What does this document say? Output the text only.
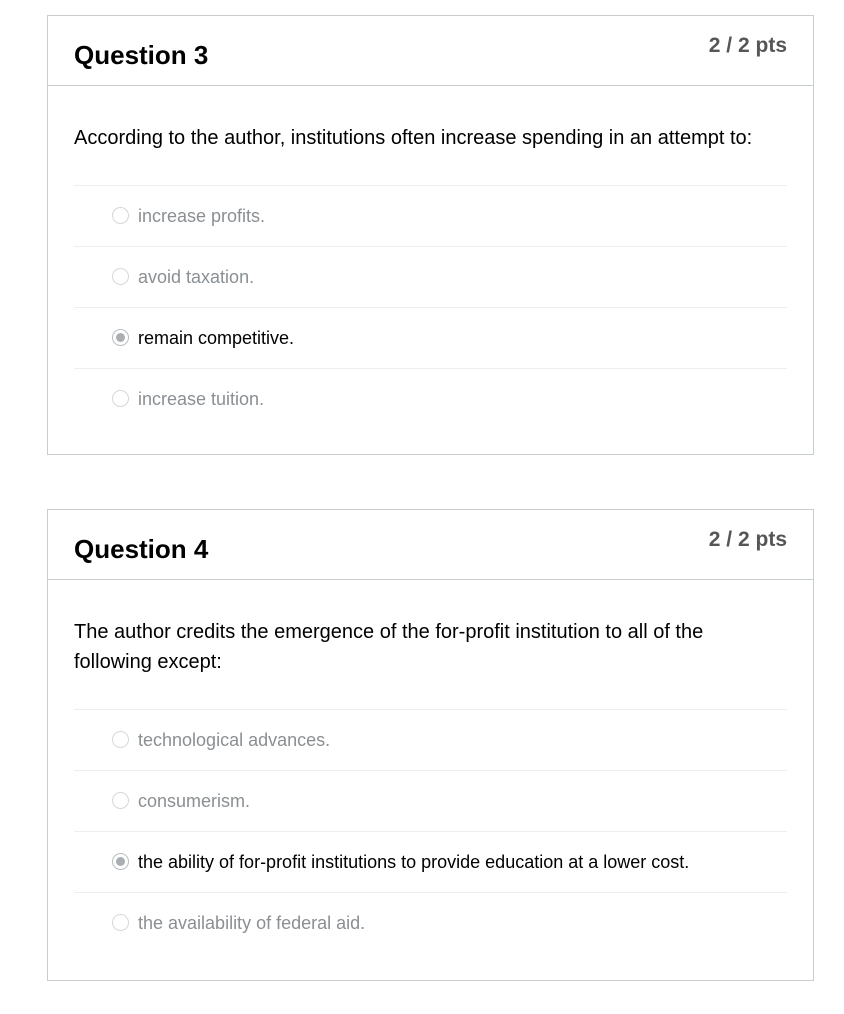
Question 3	2 / 2 pts
According to the author, institutions often increase spending in an attempt to:
increase profits.
avoid taxation.
remain competitive.
increase tuition.
Question 4	2 / 2 pts
The author credits the emergence of the for-profit institution to all of the following except:
technological advances.
consumerism.
the ability of for-profit institutions to provide education at a lower cost.
the availability of federal aid.
